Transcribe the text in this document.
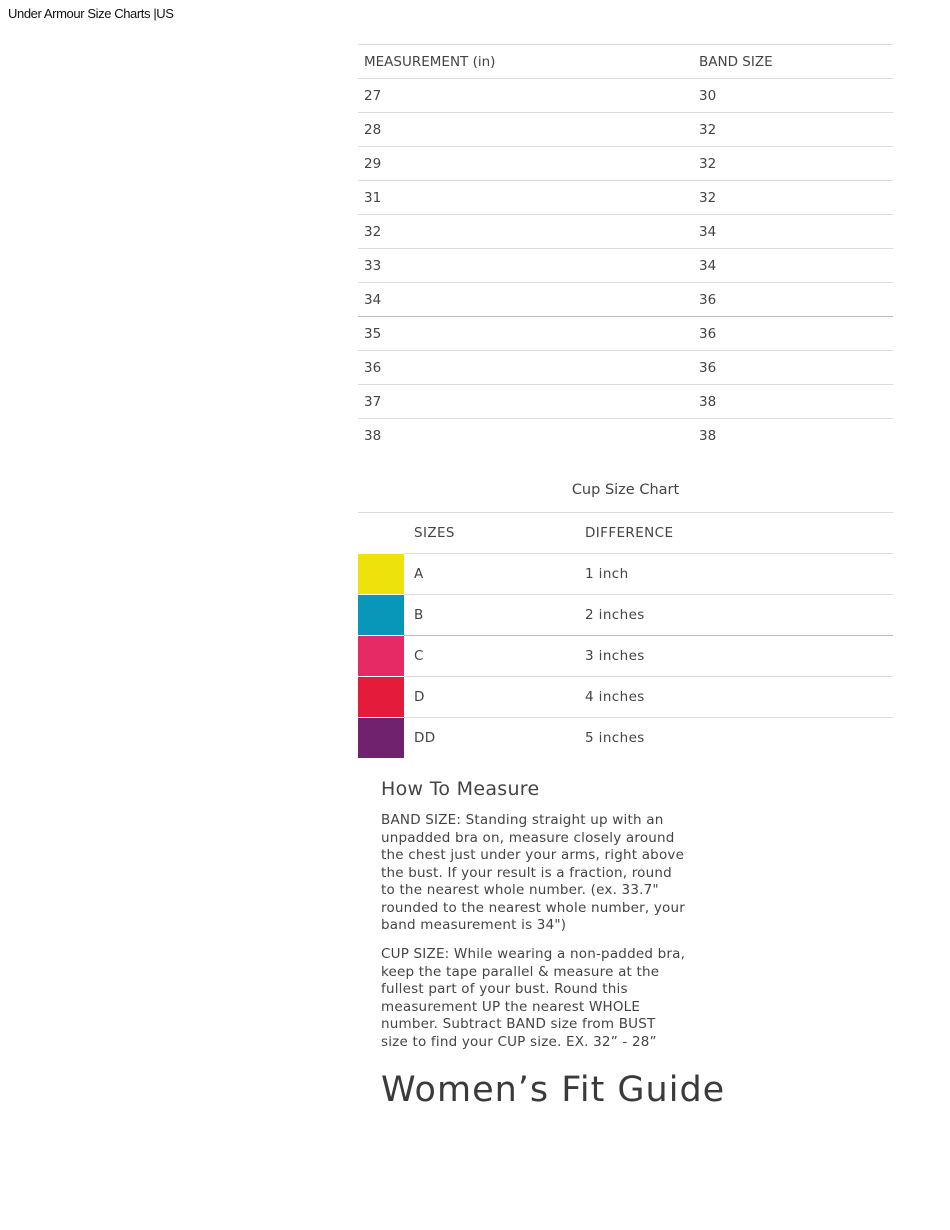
Under Armour Size Charts |US
MEASUREMENT (in)	BAND SIZE
27	30
28	32
29	32
31	32
32	34
33	34
34	36
35	36
36	36
37	38
38	38
Cup Size Chart
	SIZES	DIFFERENCE

	A	1 inch

	B	2 inches

	C	3 inches

	D	4 inches

	DD	5 inches
How To Measure

BAND SIZE: Standing straight up with an unpadded bra on, measure closely around the chest just under your arms, right above the bust. If your result is a fraction, round to the nearest whole number. (ex. 33.7" rounded to the nearest whole number, your band measurement is 34")

CUP SIZE: While wearing a non-padded bra, keep the tape parallel & measure at the fullest part of your bust. Round this measurement UP the nearest WHOLE number. Subtract BAND size from BUST size to find your CUP size. EX. 32” - 28”

Women’s Fit Guide
